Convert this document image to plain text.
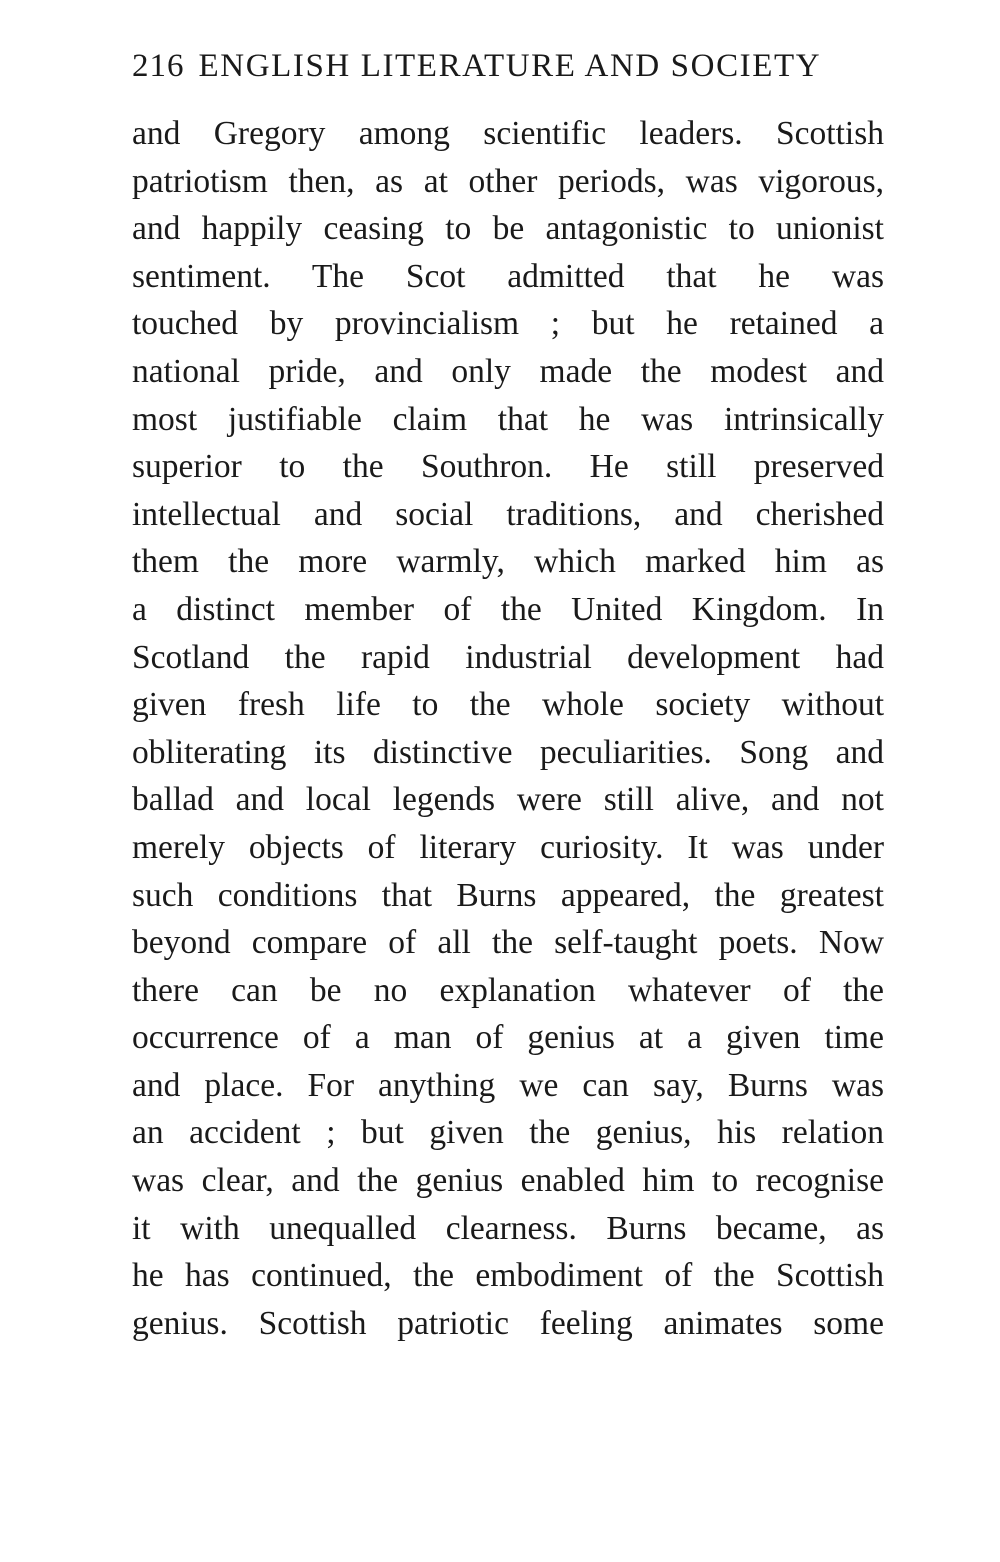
216 ENGLISH LITERATURE AND SOCIETY
and Gregory among scientific leaders. Scottish
patriotism then, as at other periods, was vigorous,
and happily ceasing to be antagonistic to unionist
sentiment. The Scot admitted that he was
touched by provincialism ; but he retained a
national pride, and only made the modest and
most justifiable claim that he was intrinsically
superior to the Southron. He still preserved
intellectual and social traditions, and cherished
them the more warmly, which marked him as
a distinct member of the United Kingdom. In
Scotland the rapid industrial development had
given fresh life to the whole society without
obliterating its distinctive peculiarities. Song and
ballad and local legends were still alive, and not
merely objects of literary curiosity. It was under
such conditions that Burns appeared, the greatest
beyond compare of all the self-taught poets. Now
there can be no explanation whatever of the
occurrence of a man of genius at a given time
and place. For anything we can say, Burns was
an accident ; but given the genius, his relation
was clear, and the genius enabled him to recognise
it with unequalled clearness. Burns became, as
he has continued, the embodiment of the Scottish
genius. Scottish patriotic feeling animates some
